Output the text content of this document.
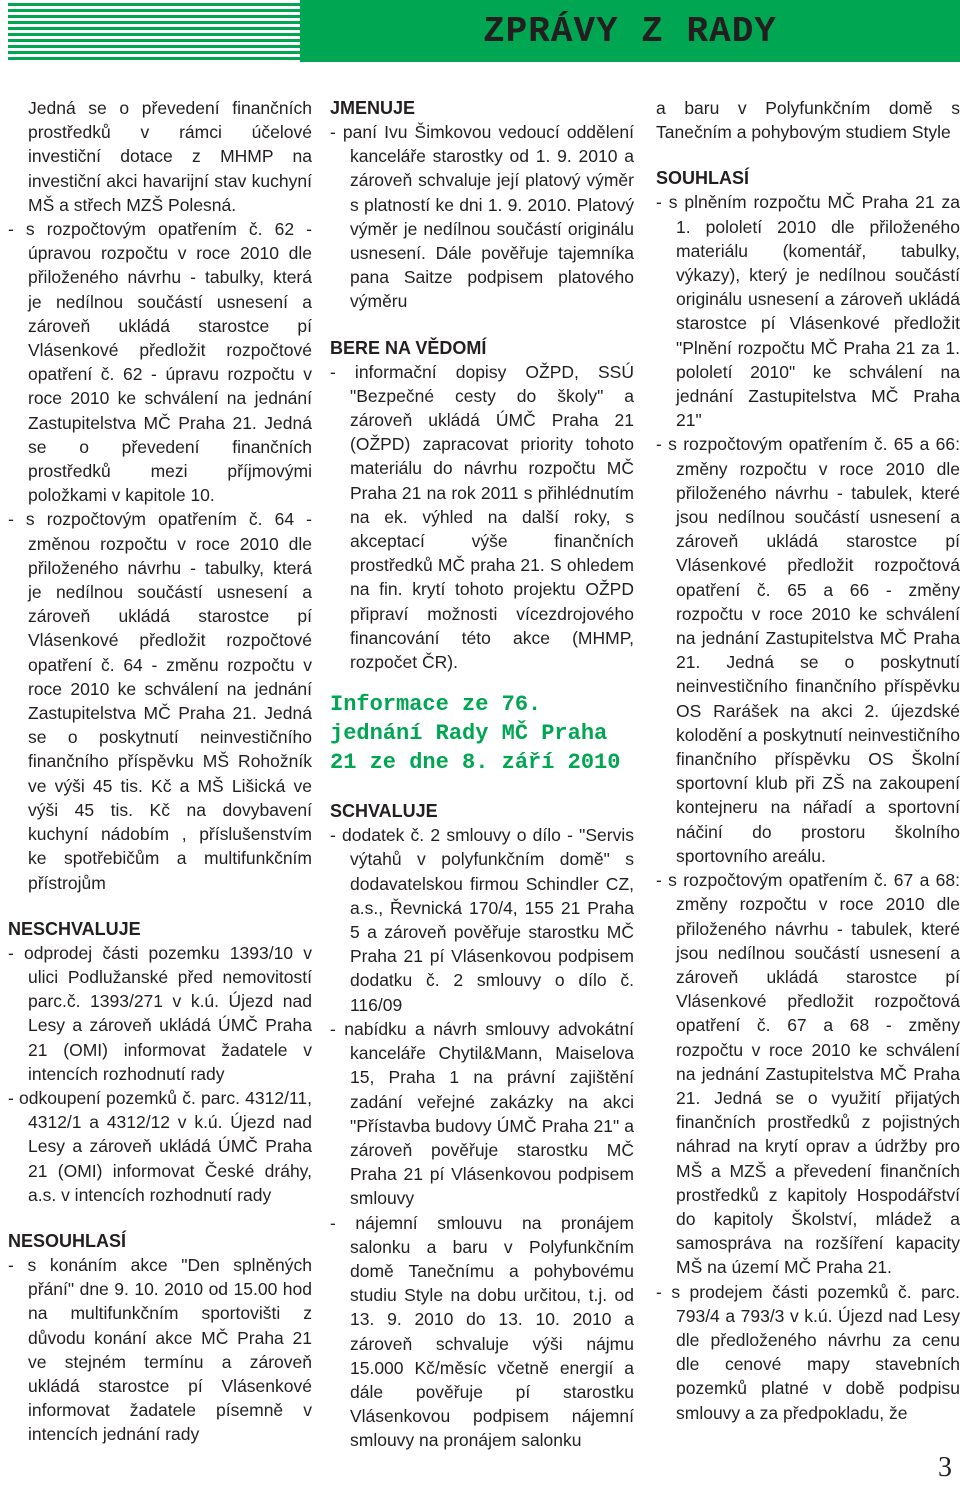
ZPRÁVY Z RADY
Jedná se o převedení finančních prostředků v rámci účelové investiční dotace z MHMP na investiční akci havarijní stav kuchyní MŠ a střech MZŠ Polesná.
- s rozpočtovým opatřením č. 62 - úpravou rozpočtu v roce 2010 dle přiloženého návrhu - tabulky, která je nedílnou součástí usnesení a zároveň ukládá starostce pí Vlásenkové předložit rozpočtové opatření č. 62 - úpravu rozpočtu v roce 2010 ke schválení na jednání Zastupitelstva MČ Praha 21. Jedná se o převedení finančních prostředků mezi příjmovými položkami v kapitole 10.
- s rozpočtovým opatřením č. 64 - změnou rozpočtu v roce 2010 dle přiloženého návrhu - tabulky, která je nedílnou součástí usnesení a zároveň ukládá starostce pí Vlásenkové předložit rozpočtové opatření č. 64 - změnu rozpočtu v roce 2010 ke schválení na jednání Zastupitelstva MČ Praha 21. Jedná se o poskytnutí neinvestičního finančního příspěvku MŠ Rohožník ve výši 45 tis. Kč a MŠ Lišická ve výši 45 tis. Kč na dovybavení kuchyní nádobím , příslušenstvím ke spotřebičům a multifunkčním přístrojům
NESCHVALUJE
- odprodej části pozemku 1393/10 v ulici Podlužanské před nemovitostí parc.č. 1393/271 v k.ú. Újezd nad Lesy a zároveň ukládá ÚMČ Praha 21 (OMI) informovat žadatele v intencích rozhodnutí rady
- odkoupení pozemků č. parc. 4312/11, 4312/1 a 4312/12 v k.ú. Újezd nad Lesy a zároveň ukládá ÚMČ Praha 21 (OMI) informovat České dráhy, a.s. v intencích rozhodnutí rady
NESOUHLASÍ
- s konáním akce "Den splněných přání" dne 9. 10. 2010 od 15.00 hod na multifunkčním sportovišti z důvodu konání akce MČ Praha 21 ve stejném termínu a zároveň ukládá starostce pí Vlásenkové informovat žadatele písemně v intencích jednání rady
JMENUJE
- paní Ivu Šimkovou vedoucí oddělení kanceláře starostky od 1. 9. 2010 a zároveň schvaluje její platový výměr s platností ke dni 1. 9. 2010. Platový výměr je nedílnou součástí originálu usnesení. Dále pověřuje tajemníka pana Saitze podpisem platového výměru
BERE NA VĚDOMÍ
- informační dopisy OŽPD, SSÚ "Bezpečné cesty do školy" a zároveň ukládá ÚMČ Praha 21 (OŽPD) zapracovat priority tohoto materiálu do návrhu rozpočtu MČ Praha 21 na rok 2011 s přihlédnutím na ek. výhled na další roky, s akceptací výše finančních prostředků MČ praha 21. S ohledem na fin. krytí tohoto projektu OŽPD připraví možnosti vícezdrojového financování této akce (MHMP, rozpočet ČR).
Informace ze 76. jednání Rady MČ Praha 21 ze dne 8. září 2010
SCHVALUJE
- dodatek č. 2 smlouvy o dílo - "Servis výtahů v polyfunkčním domě" s dodavatelskou firmou Schindler CZ, a.s., Řevnická 170/4, 155 21 Praha 5 a zároveň pověřuje starostku MČ Praha 21 pí Vlásenkovou podpisem dodatku č. 2 smlouvy o dílo č. 116/09
- nabídku a návrh smlouvy advokátní kanceláře Chytil&Mann, Maiselova 15, Praha 1 na právní zajištění zadání veřejné zakázky na akci "Přístavba budovy ÚMČ Praha 21" a zároveň pověřuje starostku MČ Praha 21 pí Vlásenkovou podpisem smlouvy
- nájemní smlouvu na pronájem salonku a baru v Polyfunkčním domě Tanečnímu a pohybovému studiu Style na dobu určitou, t.j. od 13. 9. 2010 do 13. 10. 2010 a zároveň schvaluje výši nájmu 15.000 Kč/měsíc včetně energií a dále pověřuje pí starostku Vlásenkovou podpisem nájemní smlouvy na pronájem salonku
a baru v Polyfunkčním domě s Tanečním a pohybovým studiem Style
SOUHLASÍ
- s plněním rozpočtu MČ Praha 21 za 1. pololetí 2010 dle přiloženého materiálu (komentář, tabulky, výkazy), který je nedílnou součástí originálu usnesení a zároveň ukládá starostce pí Vlásenkové předložit "Plnění rozpočtu MČ Praha 21 za 1. pololetí 2010" ke schválení na jednání Zastupitelstva MČ Praha 21"
- s rozpočtovým opatřením č. 65 a 66: změny rozpočtu v roce 2010 dle přiloženého návrhu - tabulek, které jsou nedílnou součástí usnesení a zároveň ukládá starostce pí Vlásenkové předložit rozpočtová opatření č. 65 a 66 - změny rozpočtu v roce 2010 ke schválení na jednání Zastupitelstva MČ Praha 21. Jedná se o poskytnutí neinvestičního finančního příspěvku OS Rarášek na akci 2. újezdské kolodění a poskytnutí neinvestičního finančního příspěvku OS Školní sportovní klub při ZŠ na zakoupení kontejneru na nářadí a sportovní náčiní do prostoru školního sportovního areálu.
- s rozpočtovým opatřením č. 67 a 68: změny rozpočtu v roce 2010 dle přiloženého návrhu - tabulek, které jsou nedílnou součástí usnesení a zároveň ukládá starostce pí Vlásenkové předložit rozpočtová opatření č. 67 a 68 - změny rozpočtu v roce 2010 ke schválení na jednání Zastupitelstva MČ Praha 21. Jedná se o využití přijatých finančních prostředků z pojistných náhrad na krytí oprav a údržby pro MŠ a MZŠ a převedení finančních prostředků z kapitoly Hospodářství do kapitoly Školství, mládež a samospráva na rozšíření kapacity MŠ na území MČ Praha 21.
- s prodejem části pozemků č. parc. 793/4 a 793/3 v k.ú. Újezd nad Lesy dle předloženého návrhu za cenu dle cenové mapy stavebních pozemků platné v době podpisu smlouvy a za předpokladu, že
3
